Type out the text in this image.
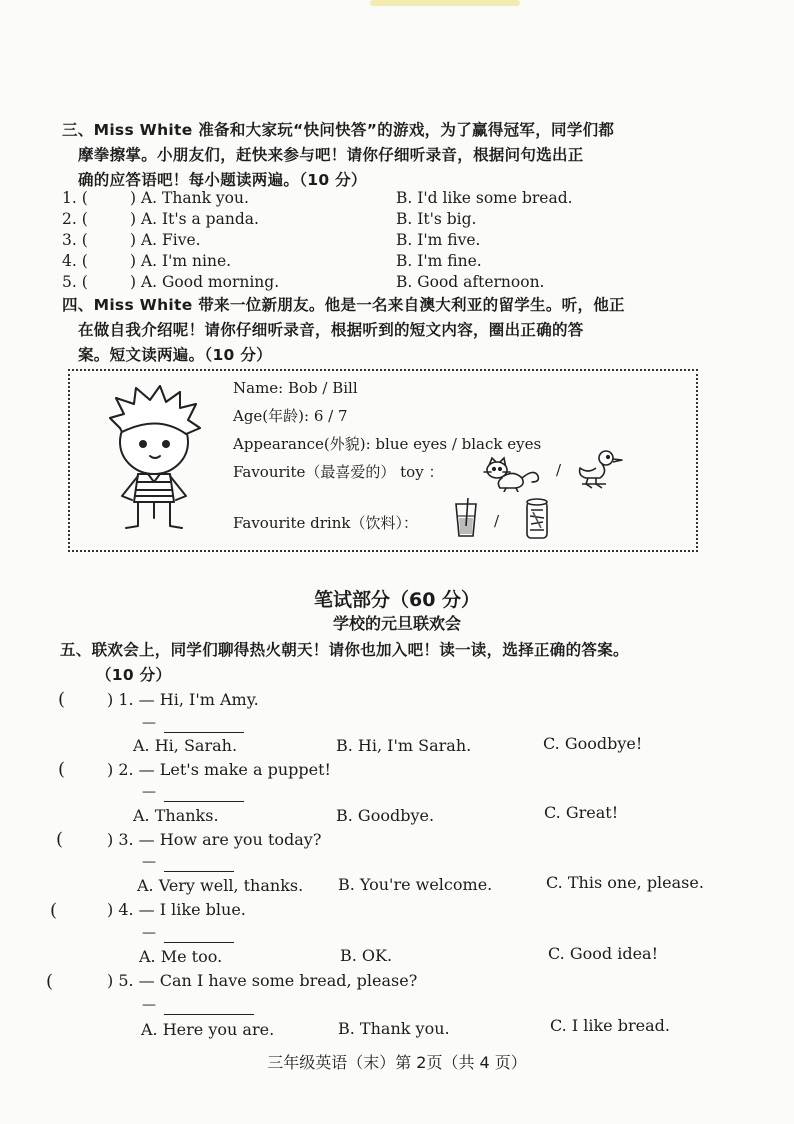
三、Miss White 准备和大家玩“快问快答”的游戏，为了赢得冠军，同学们都
摩拳擦掌。小朋友们，赶快来参与吧！请你仔细听录音，根据问句选出正
确的应答语吧！每小题读两遍。（10 分）
1. (	) A. Thank you.	B. I'd like some bread.
2. (	) A. It's a panda.	B. It's big.
3. (	) A. Five.	B. I'm five.
4. (	) A. I'm nine.	B. I'm fine.
5. (	) A. Good morning.	B. Good afternoon.
四、Miss White 带来一位新朋友。他是一名来自澳大利亚的留学生。听，他正
在做自我介绍呢！请你仔细听录音，根据听到的短文内容，圈出正确的答
案。短文读两遍。（10 分）
Name: Bob / Bill
Age(年龄): 6 / 7
Appearance(外貌): blue eyes / black eyes
Favourite（最喜爱的） toy ：	/
Favourite drink（饮料）：	/
笔试部分（60 分）
学校的元旦联欢会
五、联欢会上，同学们聊得热火朝天！请你也加入吧！读一读，选择正确的答案。
（10 分）
(	) 1. — Hi, I'm Amy.
—
A. Hi, Sarah.	B. Hi, I'm Sarah.	C. Goodbye!
(	) 2. — Let's make a puppet!
—
A. Thanks.	B. Goodbye.	C. Great!
(	) 3. — How are you today?
—
A. Very well, thanks. B. You're welcome.	C. This one, please.
(	) 4. — I like blue.
—
A. Me too.	B. OK.	C. Good idea!
(	) 5. — Can I have some bread, please?
—
A. Here you are.	B. Thank you.	C. I like bread.
三年级英语（末）第 2页（共 4 页）
